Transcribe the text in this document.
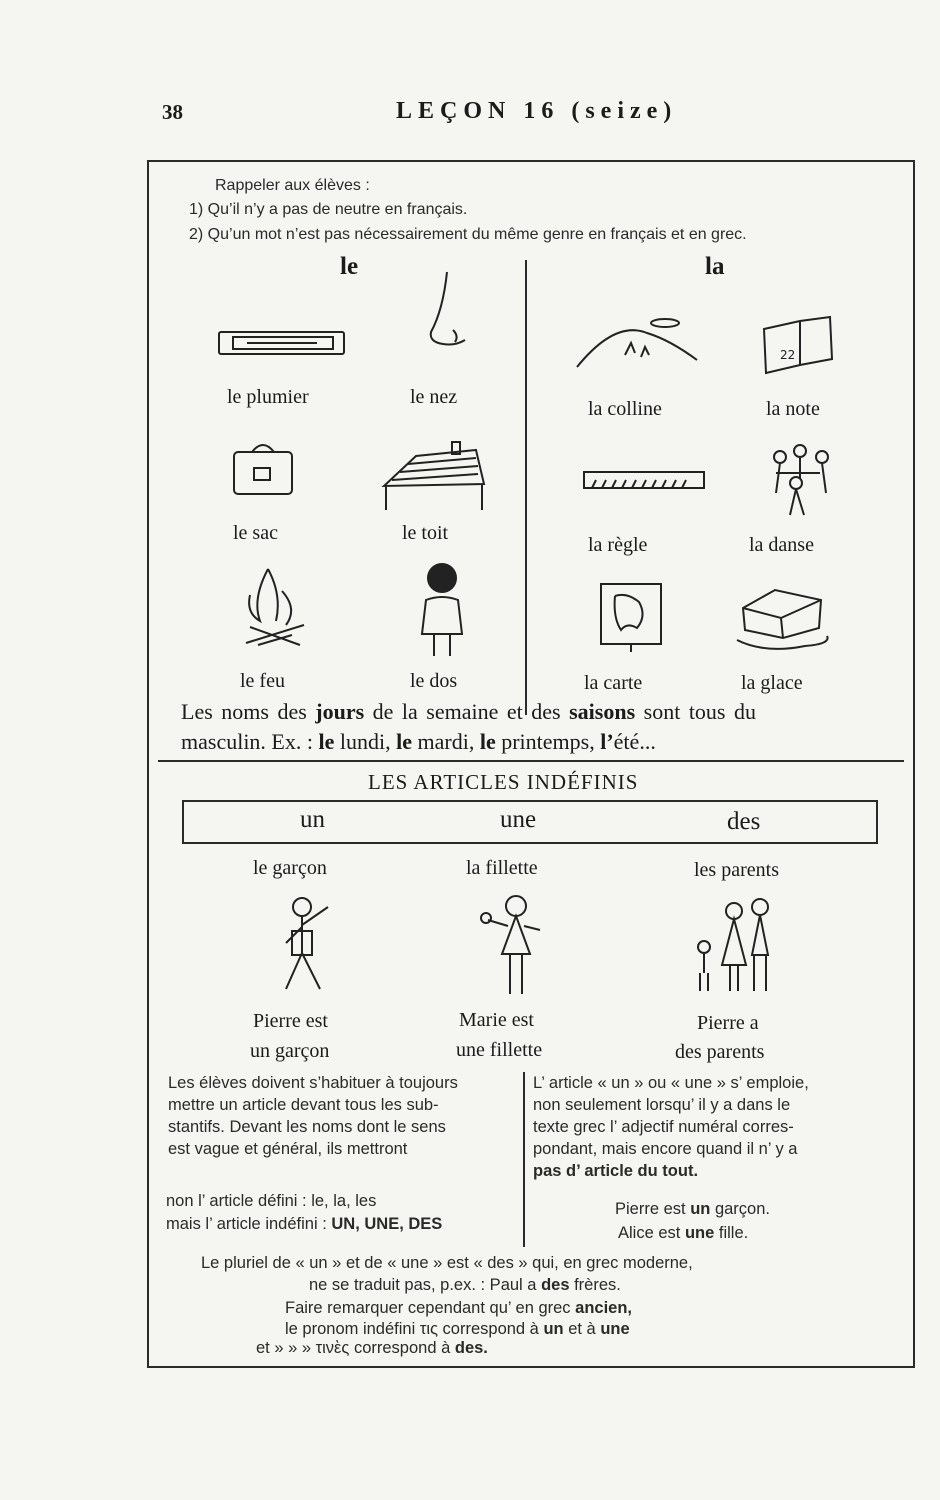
38	LEÇON 16 (seize)
Rappeler aux élèves :
1) Qu’il n’y a pas de neutre en français.
2) Qu’un mot n’est pas nécessairement du même genre en français et en grec.
le	la
22
le plumier	le nez
la colline	la note
le sac	le toit
la règle	la danse
le feu	le dos	la carte	la glace
Les noms des jours de la semaine et des saisons sont tous du
masculin. Ex. : le lundi, le mardi, le printemps, l’été...
LES ARTICLES INDÉFINIS
un	une	des
le garçon	la fillette	les parents
Pierre est	Marie est	Pierre a
un garçon	une fillette	des parents
Les élèves doivent s’habituer à toujours
mettre un article devant tous les sub-
stantifs. Devant les noms dont le sens
est vague et général, ils mettront
non l’ article défini : le, la, les
mais l’ article indéfini : UN, UNE, DES
L’ article « un » ou « une » s’ emploie,
non seulement lorsqu’ il y a dans le
texte grec l’ adjectif numéral corres-
pondant, mais encore quand il n’ y a
pas d’ article du tout.
Pierre est un garçon.
Alice est une fille.
Le pluriel de « un » et de « une » est « des » qui, en grec moderne,
ne se traduit pas, p.ex. : Paul a des frères.
Faire remarquer cependant qu’ en grec ancien,
le pronom indéfini τις correspond à un et à une
et » » » τινὲς correspond à des.
